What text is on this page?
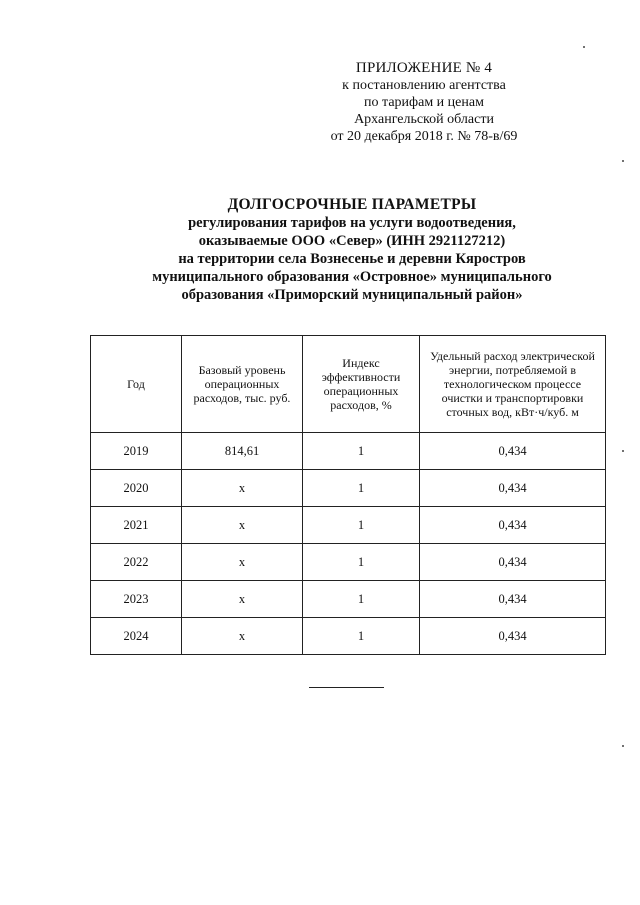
ПРИЛОЖЕНИЕ № 4
к постановлению агентства
по тарифам и ценам
Архангельской области
от 20 декабря 2018 г. № 78-в/69
ДОЛГОСРОЧНЫЕ ПАРАМЕТРЫ
регулирования тарифов на услуги водоотведения,
оказываемые ООО «Север» (ИНН 2921127212)
на территории села Вознесенье и деревни Кяростров
муниципального образования «Островное» муниципального
образования «Приморский муниципальный район»
Год	Базовый уровень операционных расходов, тыс. руб.	Индекс эффективности операционных расходов, %	Удельный расход электрической энергии, потребляемой в технологическом процессе очистки и транспортировки сточных вод, кВт·ч/куб. м
2019	814,61	1	0,434
2020	х	1	0,434
2021	х	1	0,434
2022	х	1	0,434
2023	х	1	0,434
2024	х	1	0,434
